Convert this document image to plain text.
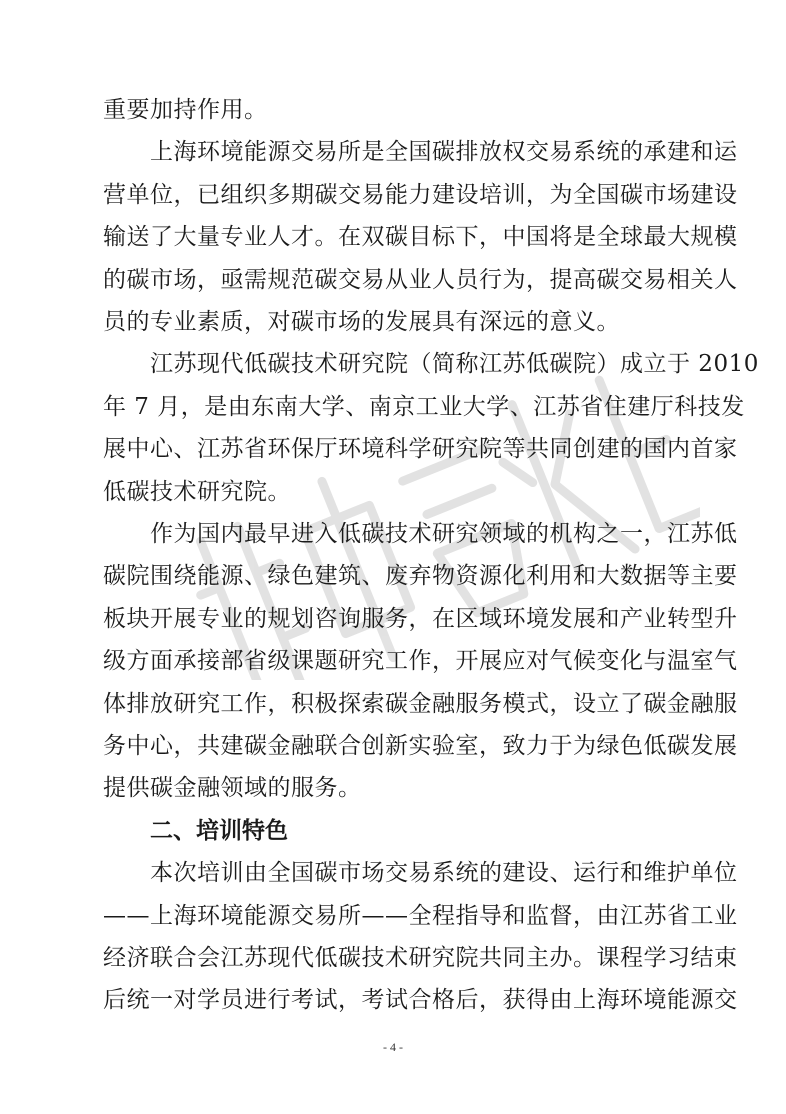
重要加持作用。
上海环境能源交易所是全国碳排放权交易系统的承建和运
营单位，已组织多期碳交易能力建设培训，为全国碳市场建设
输送了大量专业人才。在双碳目标下，中国将是全球最大规模
的碳市场，亟需规范碳交易从业人员行为，提高碳交易相关人
员的专业素质，对碳市场的发展具有深远的意义。
江苏现代低碳技术研究院（简称江苏低碳院）成立于 2010
年 7 月，是由东南大学、南京工业大学、江苏省住建厅科技发
展中心、江苏省环保厅环境科学研究院等共同创建的国内首家
低碳技术研究院。
作为国内最早进入低碳技术研究领域的机构之一，江苏低
碳院围绕能源、绿色建筑、废弃物资源化利用和大数据等主要
板块开展专业的规划咨询服务，在区域环境发展和产业转型升
级方面承接部省级课题研究工作，开展应对气候变化与温室气
体排放研究工作，积极探索碳金融服务模式，设立了碳金融服
务中心，共建碳金融联合创新实验室，致力于为绿色低碳发展
提供碳金融领域的服务。
二、培训特色
本次培训由全国碳市场交易系统的建设、运行和维护单位
——上海环境能源交易所——全程指导和监督，由江苏省工业
经济联合会江苏现代低碳技术研究院共同主办。课程学习结束
后统一对学员进行考试，考试合格后，获得由上海环境能源交
- 4 -
